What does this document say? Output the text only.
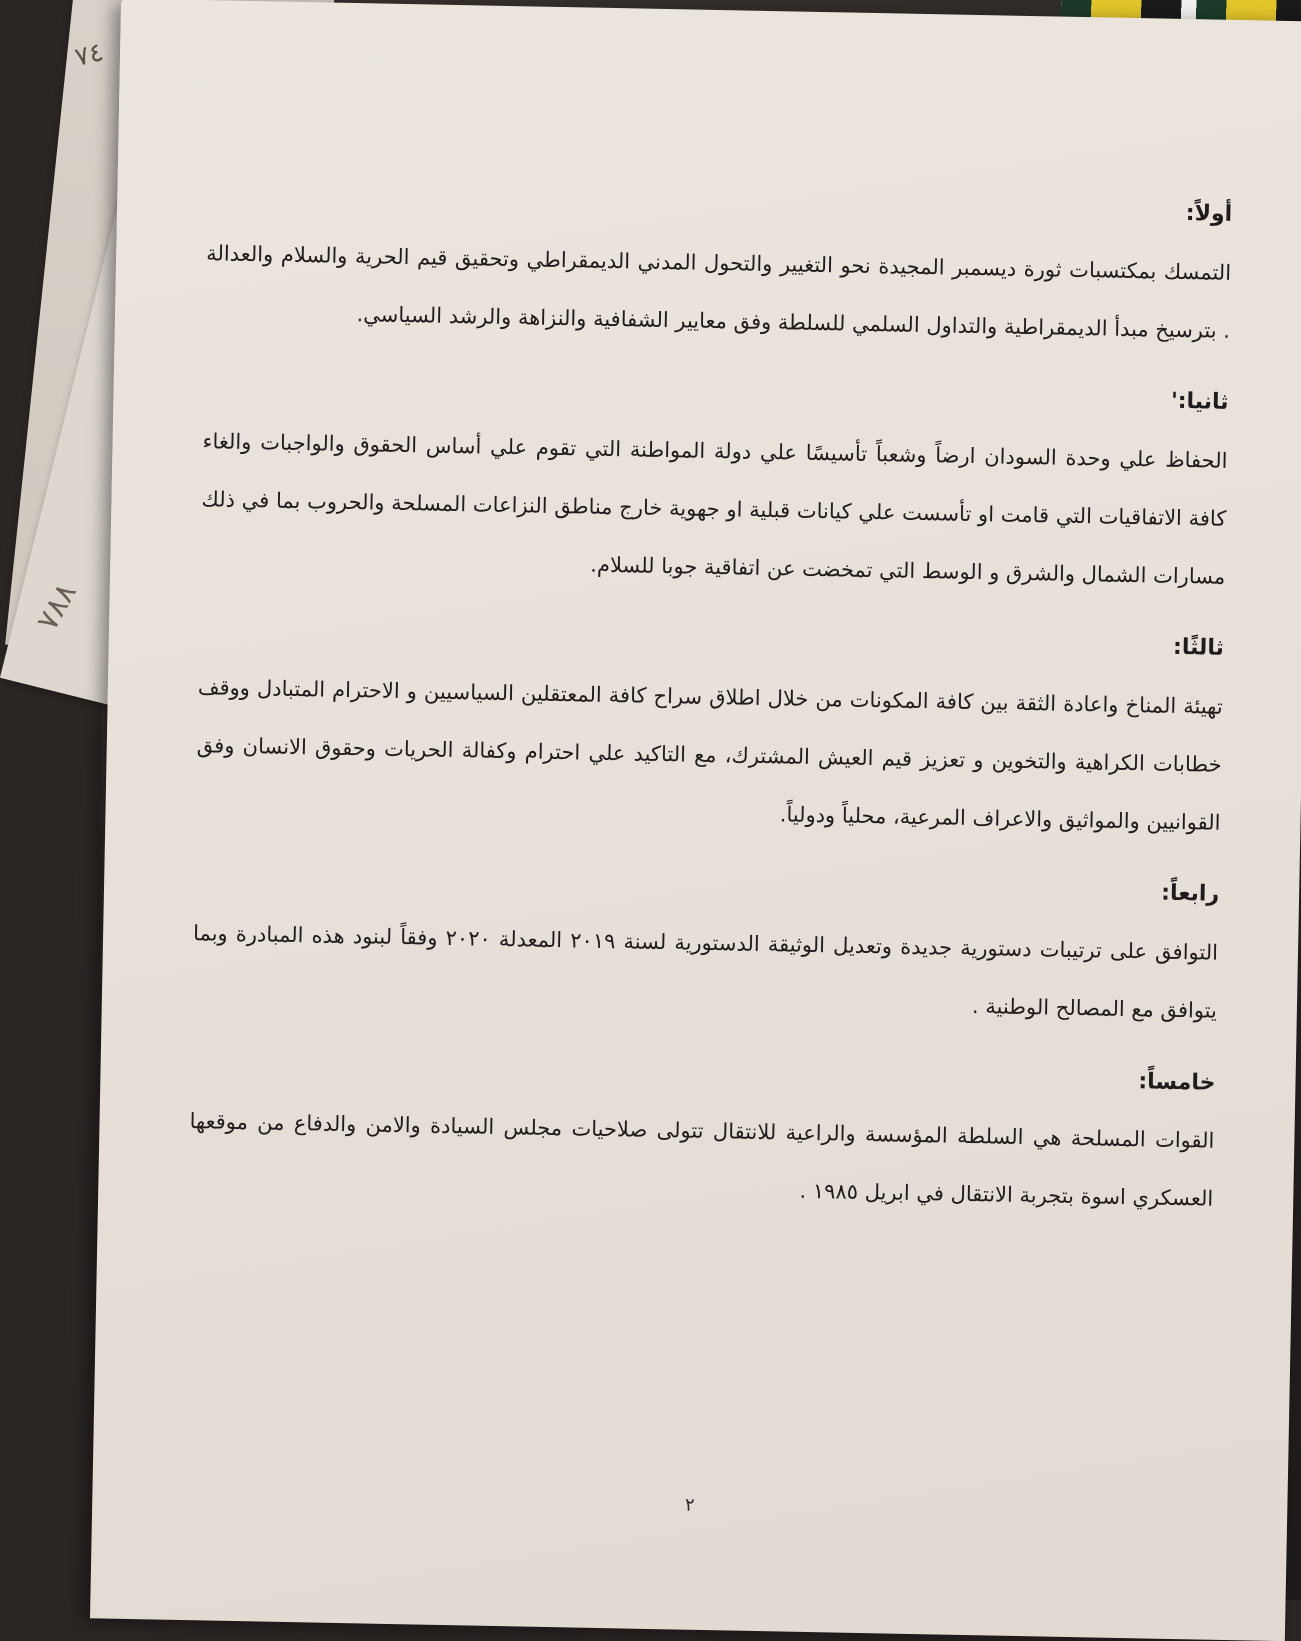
٧٤
٧٨٨

أولاً:

التمسك بمكتسبات ثورة ديسمبر المجيدة نحو التغيير والتحول المدني الديمقراطي وتحقيق قيم الحرية والسلام والعدالة . بترسيخ مبدأ الديمقراطية والتداول السلمي للسلطة وفق معايير الشفافية والنزاهة والرشد السياسي.

ثانيا:'

الحفاظ علي وحدة السودان ارضاً وشعباً تأسيسًا علي دولة المواطنة التي تقوم علي أساس الحقوق والواجبات والغاء كافة الاتفاقيات التي قامت او تأسست علي كيانات قبلية او جهوية خارج مناطق النزاعات المسلحة والحروب بما في ذلك مسارات الشمال والشرق و الوسط التي تمخضت عن اتفاقية جوبا للسلام.

ثالثًا:

تهيئة المناخ واعادة الثقة بين كافة المكونات من خلال اطلاق سراح كافة المعتقلين السياسيين و الاحترام المتبادل ووقف خطابات الكراهية والتخوين و تعزيز قيم العيش المشترك، مع التاكيد علي احترام وكفالة الحريات وحقوق الانسان وفق القوانيين والمواثيق والاعراف المرعية، محلياً ودولياً.

رابعاً:

التوافق على ترتيبات دستورية جديدة وتعديل الوثيقة الدستورية لسنة ٢٠١٩ المعدلة ٢٠٢٠ وفقاً لبنود هذه المبادرة وبما يتوافق مع المصالح الوطنية .

خامساً:

القوات المسلحة هي السلطة المؤسسة والراعية للانتقال تتولى صلاحيات مجلس السيادة والامن والدفاع من موقعها العسكري اسوة بتجربة الانتقال في ابريل ١٩٨٥ .

٢
